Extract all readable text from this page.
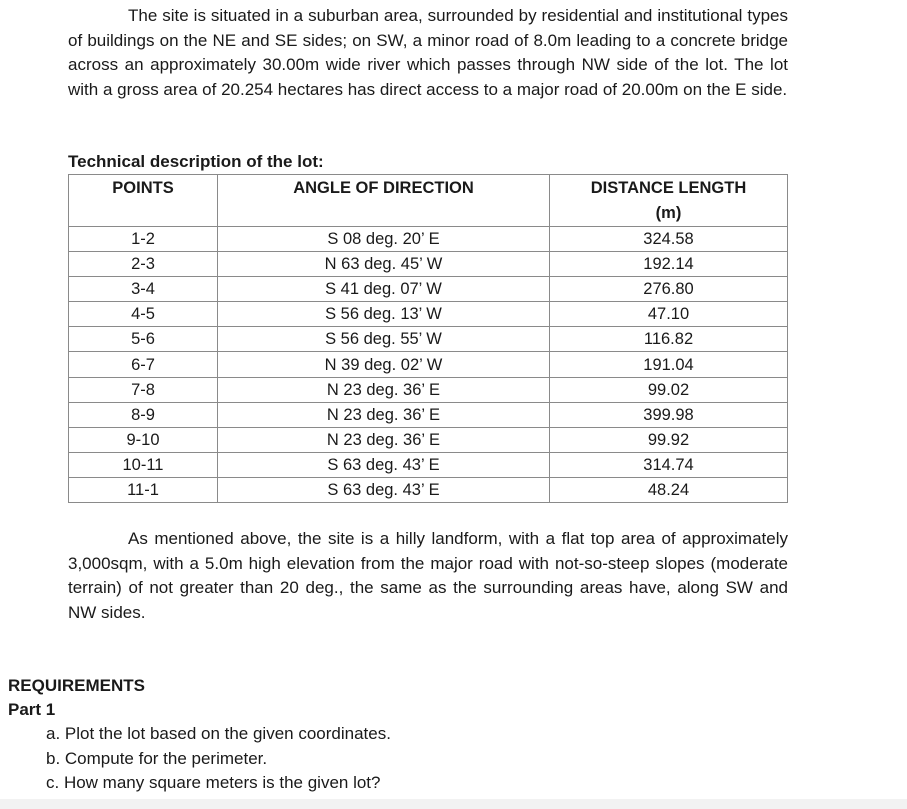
The site is situated in a suburban area, surrounded by residential and institutional types of buildings on the NE and SE sides; on SW, a minor road of 8.0m leading to a concrete bridge across an approximately 30.00m wide river which passes through NW side of the lot. The lot with a gross area of 20.254 hectares has direct access to a major road of 20.00m on the E side.

Technical description of the lot:

POINTS	ANGLE OF DIRECTION	DISTANCE LENGTH
(m)
1-2	S 08 deg. 20’ E	324.58
2-3	N 63 deg. 45’ W	192.14
3-4	S 41 deg. 07’ W	276.80
4-5	S 56 deg. 13’ W	47.10
5-6	S 56 deg. 55’ W	116.82
6-7	N 39 deg. 02’ W	191.04
7-8	N 23 deg. 36’ E	99.02
8-9	N 23 deg. 36’ E	399.98
9-10	N 23 deg. 36’ E	99.92
10-11	S 63 deg. 43’ E	314.74
11-1	S 63 deg. 43’ E	48.24

As mentioned above, the site is a hilly landform, with a flat top area of approximately 3,000sqm, with a 5.0m high elevation from the major road with not-so-steep slopes (moderate terrain) of not greater than 20 deg., the same as the surrounding areas have, along SW and NW sides.

REQUIREMENTS

Part 1

a. Plot the lot based on the given coordinates.
b. Compute for the perimeter.
c. How many square meters is the given lot?
